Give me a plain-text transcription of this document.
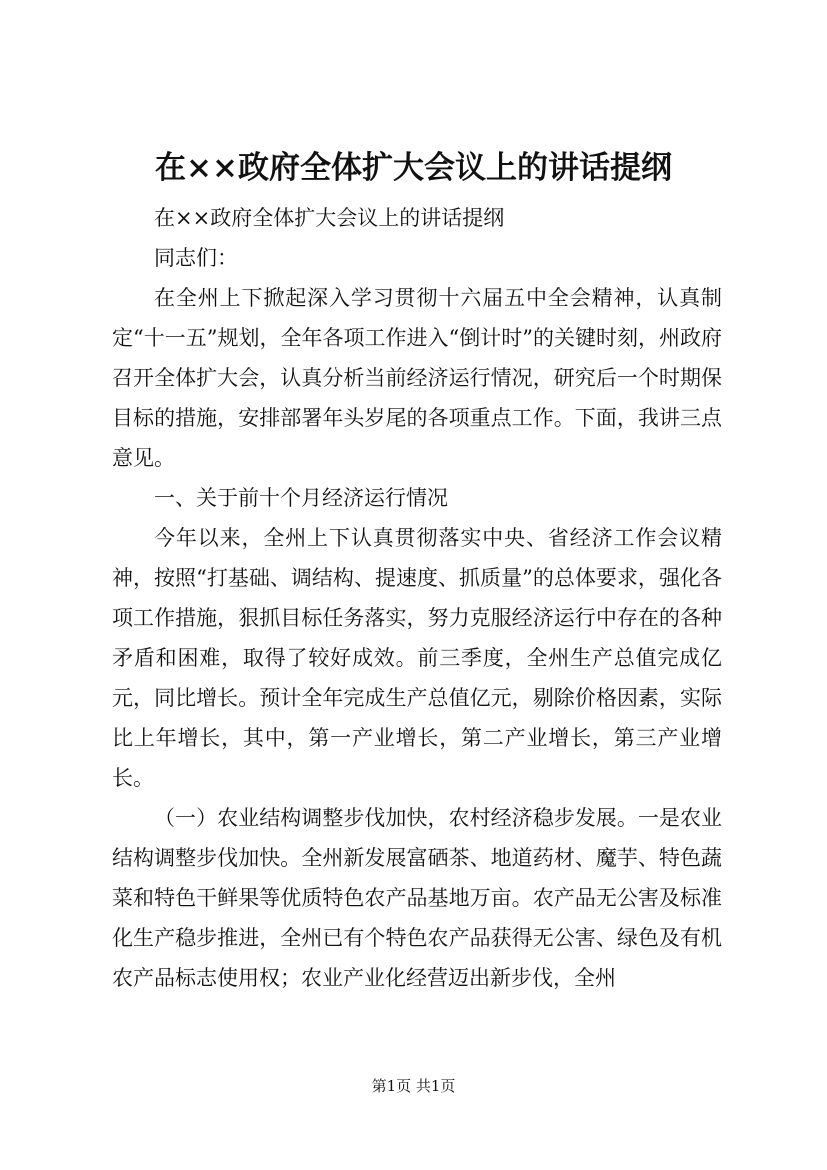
在××政府全体扩大会议上的讲话提纲

在××政府全体扩大会议上的讲话提纲

同志们：

在全州上下掀起深入学习贯彻十六届五中全会精神，认真制定“十一五”规划，全年各项工作进入“倒计时”的关键时刻，州政府召开全体扩大会，认真分析当前经济运行情况，研究后一个时期保目标的措施，安排部署年头岁尾的各项重点工作。下面，我讲三点意见。

一、关于前十个月经济运行情况

今年以来，全州上下认真贯彻落实中央、省经济工作会议精神，按照“打基础、调结构、提速度、抓质量”的总体要求，强化各项工作措施，狠抓目标任务落实，努力克服经济运行中存在的各种矛盾和困难，取得了较好成效。前三季度，全州生产总值完成亿元，同比增长。预计全年完成生产总值亿元，剔除价格因素，实际比上年增长，其中，第一产业增长，第二产业增长，第三产业增长。

（一）农业结构调整步伐加快，农村经济稳步发展。一是农业结构调整步伐加快。全州新发展富硒茶、地道药材、魔芋、特色蔬菜和特色干鲜果等优质特色农产品基地万亩。农产品无公害及标准化生产稳步推进，全州已有个特色农产品获得无公害、绿色及有机农产品标志使用权；农业产业化经营迈出新步伐，全州

第1页 共1页
